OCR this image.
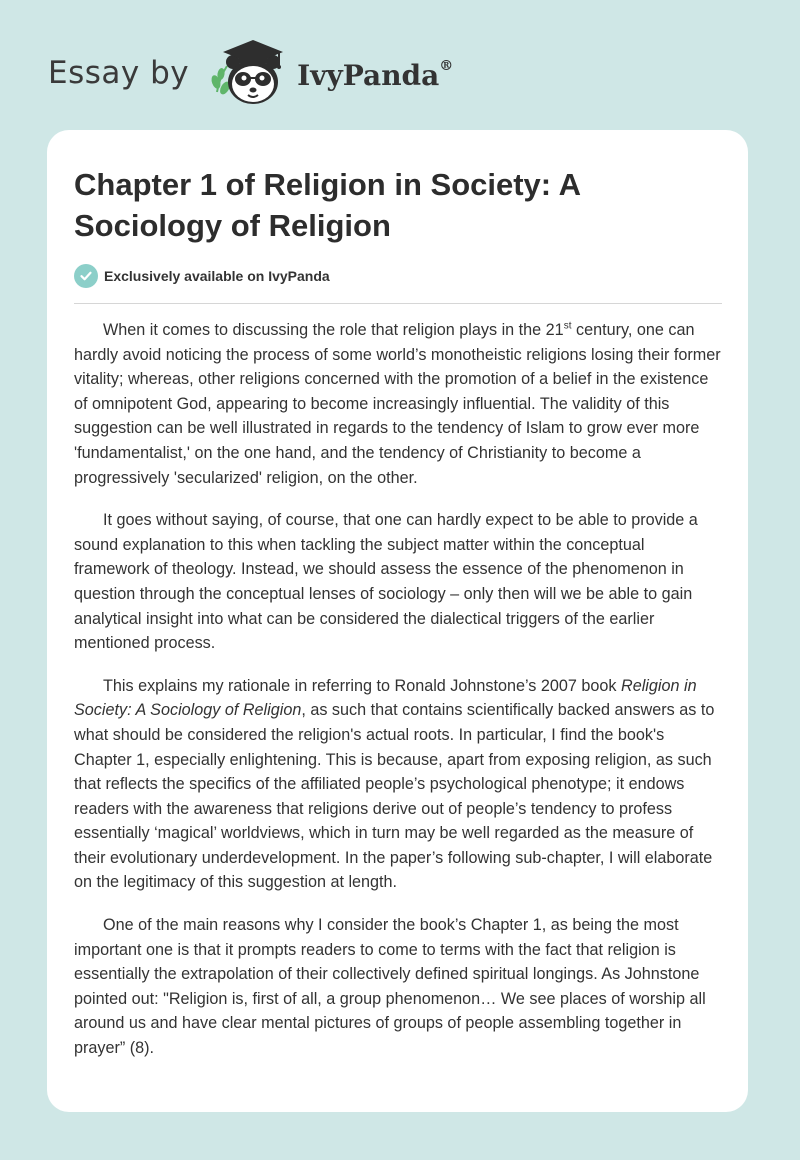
Essay by	IvyPanda®
Chapter 1 of Religion in Society: A Sociology of Religion
Exclusively available on IvyPanda

When it comes to discussing the role that religion plays in the 21st century, one can hardly avoid noticing the process of some world’s monotheistic religions losing their former vitality; whereas, other religions concerned with the promotion of a belief in the existence of omnipotent God, appearing to become increasingly influential. The validity of this suggestion can be well illustrated in regards to the tendency of Islam to grow ever more 'fundamentalist,' on the one hand, and the tendency of Christianity to become a progressively 'secularized' religion, on the other.

It goes without saying, of course, that one can hardly expect to be able to provide a sound explanation to this when tackling the subject matter within the conceptual framework of theology. Instead, we should assess the essence of the phenomenon in question through the conceptual lenses of sociology – only then will we be able to gain analytical insight into what can be considered the dialectical triggers of the earlier mentioned process.

This explains my rationale in referring to Ronald Johnstone’s 2007 book Religion in Society: A Sociology of Religion, as such that contains scientifically backed answers as to what should be considered the religion's actual roots. In particular, I find the book's Chapter 1, especially enlightening. This is because, apart from exposing religion, as such that reflects the specifics of the affiliated people’s psychological phenotype; it endows readers with the awareness that religions derive out of people’s tendency to profess essentially ‘magical’ worldviews, which in turn may be well regarded as the measure of their evolutionary underdevelopment. In the paper’s following sub-chapter, I will elaborate on the legitimacy of this suggestion at length.

One of the main reasons why I consider the book’s Chapter 1, as being the most important one is that it prompts readers to come to terms with the fact that religion is essentially the extrapolation of their collectively defined spiritual longings. As Johnstone pointed out: "Religion is, first of all, a group phenomenon… We see places of worship all around us and have clear mental pictures of groups of people assembling together in prayer” (8).
